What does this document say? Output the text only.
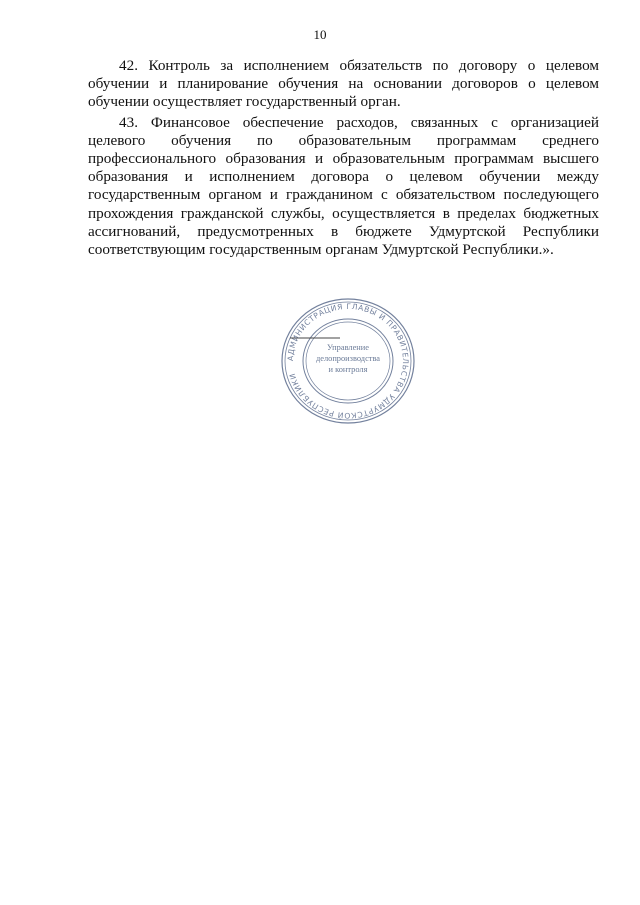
10

42. Контроль за исполнением обязательств по договору о целевом обучении и планирование обучения на основании договоров о целевом обучении осуществляет государственный орган.

43. Финансовое обеспечение расходов, связанных с организацией целевого обучения по образовательным программам среднего профессионального образования и образовательным программам высшего образования и исполнением договора о целевом обучении между государственным органом и гражданином с обязательством последующего прохождения гражданской службы, осуществляется в пределах бюджетных ассигнований, предусмотренных в бюджете Удмуртской Республики соответствующим государственным органам Удмуртской Республики.».

АДМИНИСТРАЦИЯ ГЛАВЫ И ПРАВИТЕЛЬСТВА УДМУРТСКОЙ РЕСПУБЛИКИ
Управление
делопроизводства
и контроля
